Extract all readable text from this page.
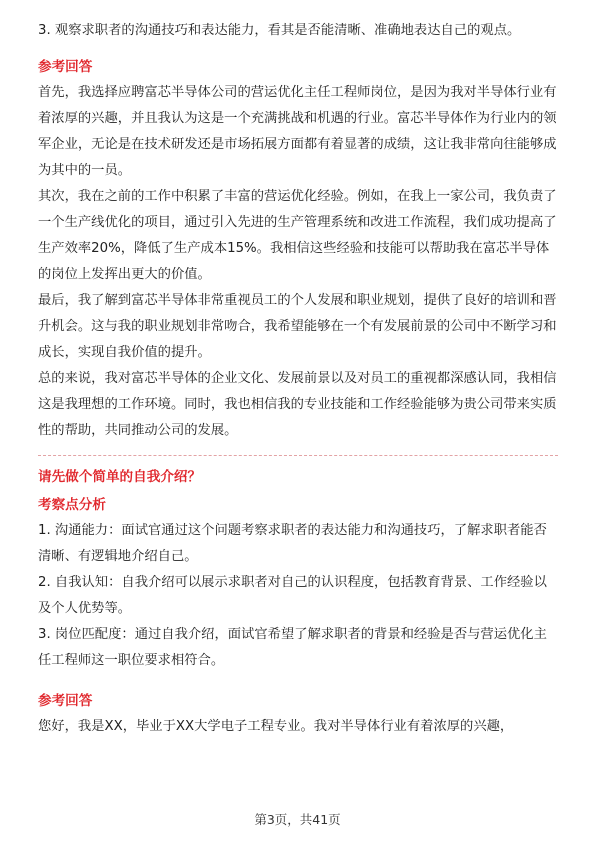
3. 观察求职者的沟通技巧和表达能力，看其是否能清晰、准确地表达自己的观点。

参考回答

首先，我选择应聘富芯半导体公司的营运优化主任工程师岗位，是因为我对半导体行业有着浓厚的兴趣，并且我认为这是一个充满挑战和机遇的行业。富芯半导体作为行业内的领军企业，无论是在技术研发还是市场拓展方面都有着显著的成绩，这让我非常向往能够成为其中的一员。

其次，我在之前的工作中积累了丰富的营运优化经验。例如，在我上一家公司，我负责了一个生产线优化的项目，通过引入先进的生产管理系统和改进工作流程，我们成功提高了生产效率20%，降低了生产成本15%。我相信这些经验和技能可以帮助我在富芯半导体的岗位上发挥出更大的价值。

最后，我了解到富芯半导体非常重视员工的个人发展和职业规划，提供了良好的培训和晋升机会。这与我的职业规划非常吻合，我希望能够在一个有发展前景的公司中不断学习和成长，实现自我价值的提升。

总的来说，我对富芯半导体的企业文化、发展前景以及对员工的重视都深感认同，我相信这是我理想的工作环境。同时，我也相信我的专业技能和工作经验能够为贵公司带来实质性的帮助，共同推动公司的发展。

请先做个简单的自我介绍？

考察点分析

1. 沟通能力：面试官通过这个问题考察求职者的表达能力和沟通技巧，了解求职者能否清晰、有逻辑地介绍自己。

2. 自我认知：自我介绍可以展示求职者对自己的认识程度，包括教育背景、工作经验以及个人优势等。

3. 岗位匹配度：通过自我介绍，面试官希望了解求职者的背景和经验是否与营运优化主任工程师这一职位要求相符合。

参考回答

您好，我是XX，毕业于XX大学电子工程专业。我对半导体行业有着浓厚的兴趣，

第3页，共41页
